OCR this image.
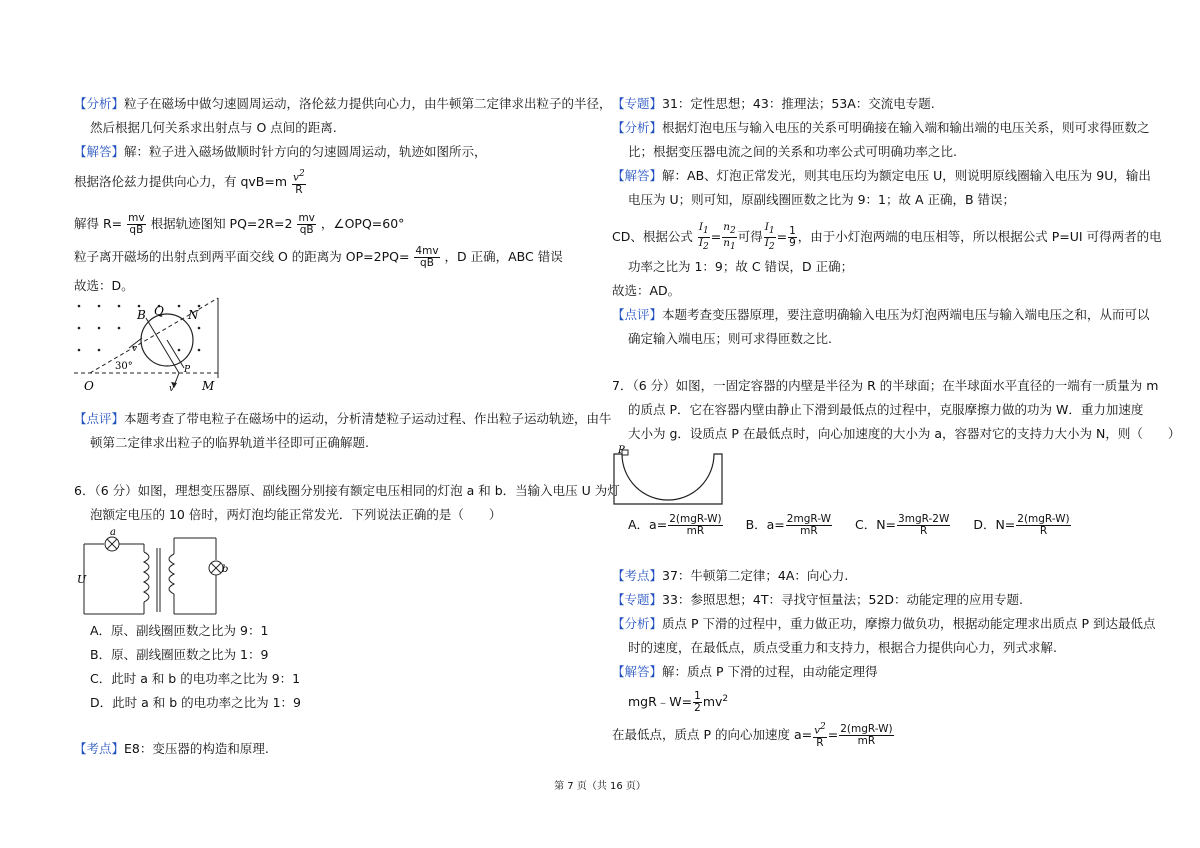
【分析】粒子在磁场中做匀速圆周运动，洛伦兹力提供向心力，由牛顿第二定律求出粒子的半径，
然后根据几何关系求出射点与 O 点间的距离.
【解答】解：粒子进入磁场做顺时针方向的匀速圆周运动，轨迹如图所示，
根据洛伦兹力提供向心力，有 $qvB=m \frac{v2}{R}$
解得 $R= \frac{mv}{qB}$ 根据轨迹图知 $PQ=2R=2 \frac{mv}{qB}$ ，∠OPQ=60°
粒子离开磁场的出射点到两平面交线 O 的距离为 $OP=2PQ= \frac{4mv}{qB}$ ，D 正确，ABC 错误
故选：D。
B Q N
O
30°	P
M
v
v
【点评】本题考查了带电粒子在磁场中的运动，分析清楚粒子运动过程、作出粒子运动轨迹，由牛
顿第二定律求出粒子的临界轨道半径即可正确解题.
6．（6 分）如图，理想变压器原、副线圈分别接有额定电压相同的灯泡 a 和 b．当输入电压 U 为灯
泡额定电压的 10 倍时，两灯泡均能正常发光．下列说法正确的是（　　）
a
U
b
A．原、副线圈匝数之比为 9：1
B．原、副线圈匝数之比为 1：9
C．此时 a 和 b 的电功率之比为 9：1
D．此时 a 和 b 的电功率之比为 1：9
【考点】E8：变压器的构造和原理.
【专题】31：定性思想；43：推理法；53A：交流电专题.
【分析】根据灯泡电压与输入电压的关系可明确接在输入端和输出端的电压关系，则可求得匝数之
比；根据变压器电流之间的关系和功率公式可明确功率之比.
【解答】解：AB、灯泡正常发光，则其电压均为额定电压 U，则说明原线圈输入电压为 9U，输出
电压为 U；则可知，原副线圈匝数之比为 9：1；故 A 正确，B 错误；
CD、根据公式 $\frac{I1}{I2} = \frac{n2}{n1}$ 可得 $\frac{I1}{I2} = \frac{1}{9}$ ，由于小灯泡两端的电压相等，所以根据公式 P=UI 可得两者的电
功率之比为 1：9；故 C 错误，D 正确；
故选：AD。
【点评】本题考查变压器原理，要注意明确输入电压为灯泡两端电压与输入端电压之和，从而可以
确定输入端电压；则可求得匝数之比.
7．（6 分）如图，一固定容器的内壁是半径为 R 的半球面；在半球面水平直径的一端有一质量为 m
的质点 P．它在容器内壁由静止下滑到最低点的过程中，克服摩擦力做的功为 W．重力加速度
大小为 g．设质点 P 在最低点时，向心加速度的大小为 a，容器对它的支持力大小为 N，则（　　）
P
A．$a= \frac{\text{2(mgR-W)}}{mR}$ B．$a= \frac{\text{2mgR-W}}{mR}$ C．$N= \frac{\text{3mgR-2W}}{R}$ D．$N= \frac{\text{2(mgR-W)}}{R}$
【考点】37：牛顿第二定律；4A：向心力.
【专题】33：参照思想；4T：寻找守恒量法；52D：动能定理的应用专题.
【分析】质点 P 下滑的过程中，重力做正功，摩擦力做负功，根据动能定理求出质点 P 到达最低点
时的速度，在最低点，质点受重力和支持力，根据合力提供向心力，列式求解.
【解答】解：质点 P 下滑的过程，由动能定理得
mgR﹣W= $\frac{1}{2} mv^2$
在最低点，质点 P 的向心加速度 $a= \frac{v2}{R} = \frac{\text{2(mgR-W)}}{mR}$
第 7 页（共 16 页）
